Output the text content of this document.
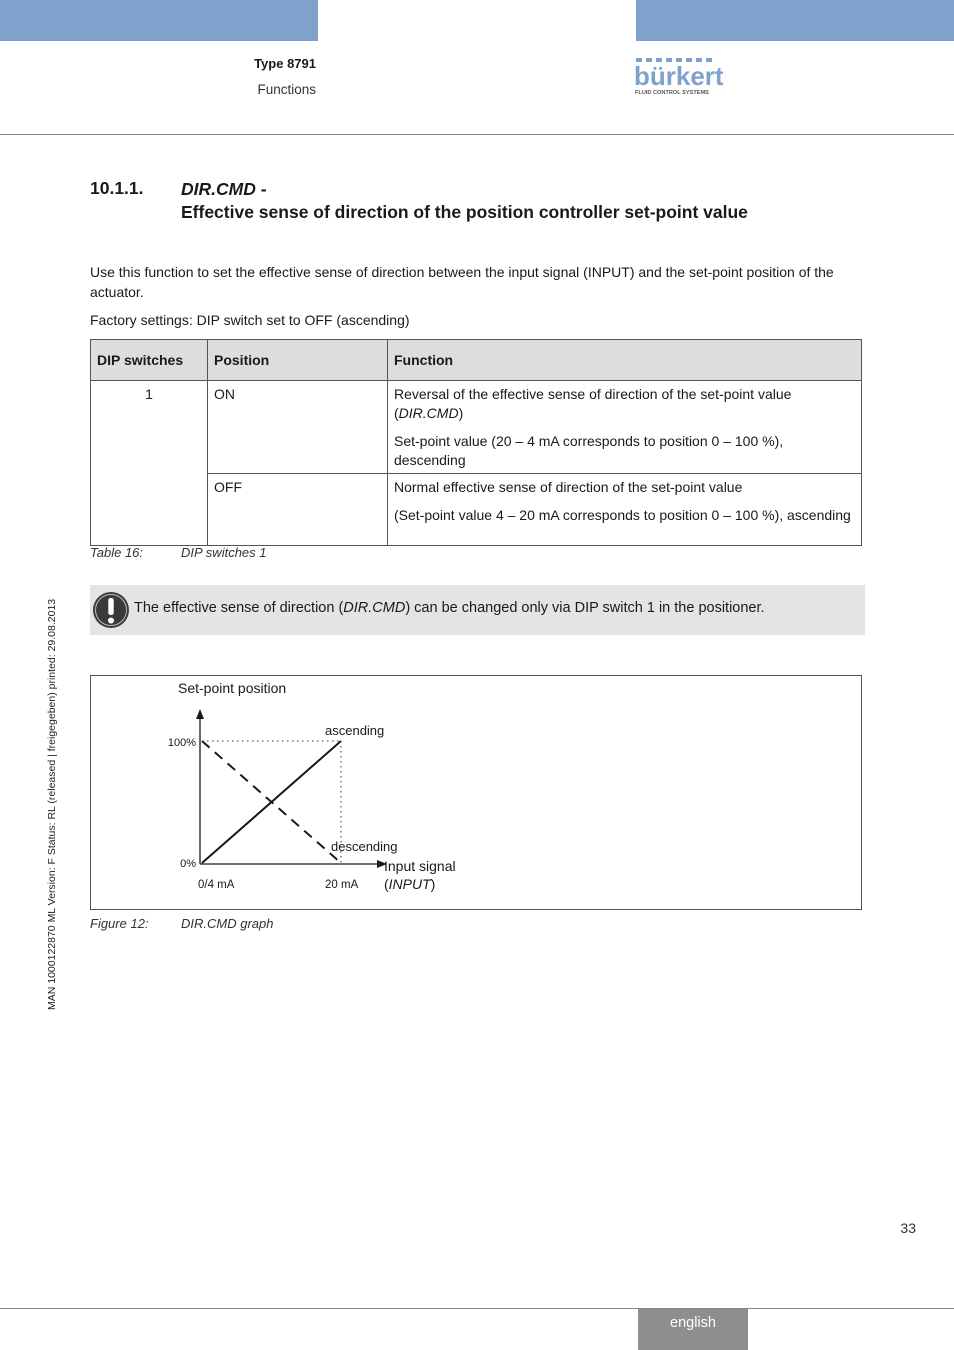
Type 8791
Functions	bürkert
FLUID CONTROL SYSTEMS
MAN 1000122870 ML Version: F Status: RL (released | freigegeben) printed: 29.08.2013
10.1.1. DIR.CMD -
Effective sense of direction of the position controller set-point value
Use this function to set the effective sense of direction between the input signal (INPUT) and the set-point position of the actuator.
Factory settings: DIP switch set to OFF (ascending)
DIP switches	Position	Function
1	ON	Reversal of the effective sense of direction of the set-point value (DIR.CMD)

Set-point value (20 – 4 mA corresponds to position 0 – 100 %), descending

	OFF	Normal effective sense of direction of the set-point value

(Set-point value 4 – 20 mA corresponds to position 0 – 100 %), ascending

Table 16:	DIP switches 1
The effective sense of direction (DIR.CMD) can be changed only via DIP switch 1 in the positioner.
Set-point position
100%
0%
0/4 mA	20 mA
ascending
descending
Input signal
(INPUT)
Figure 12: DIR.CMD graph
33
english
